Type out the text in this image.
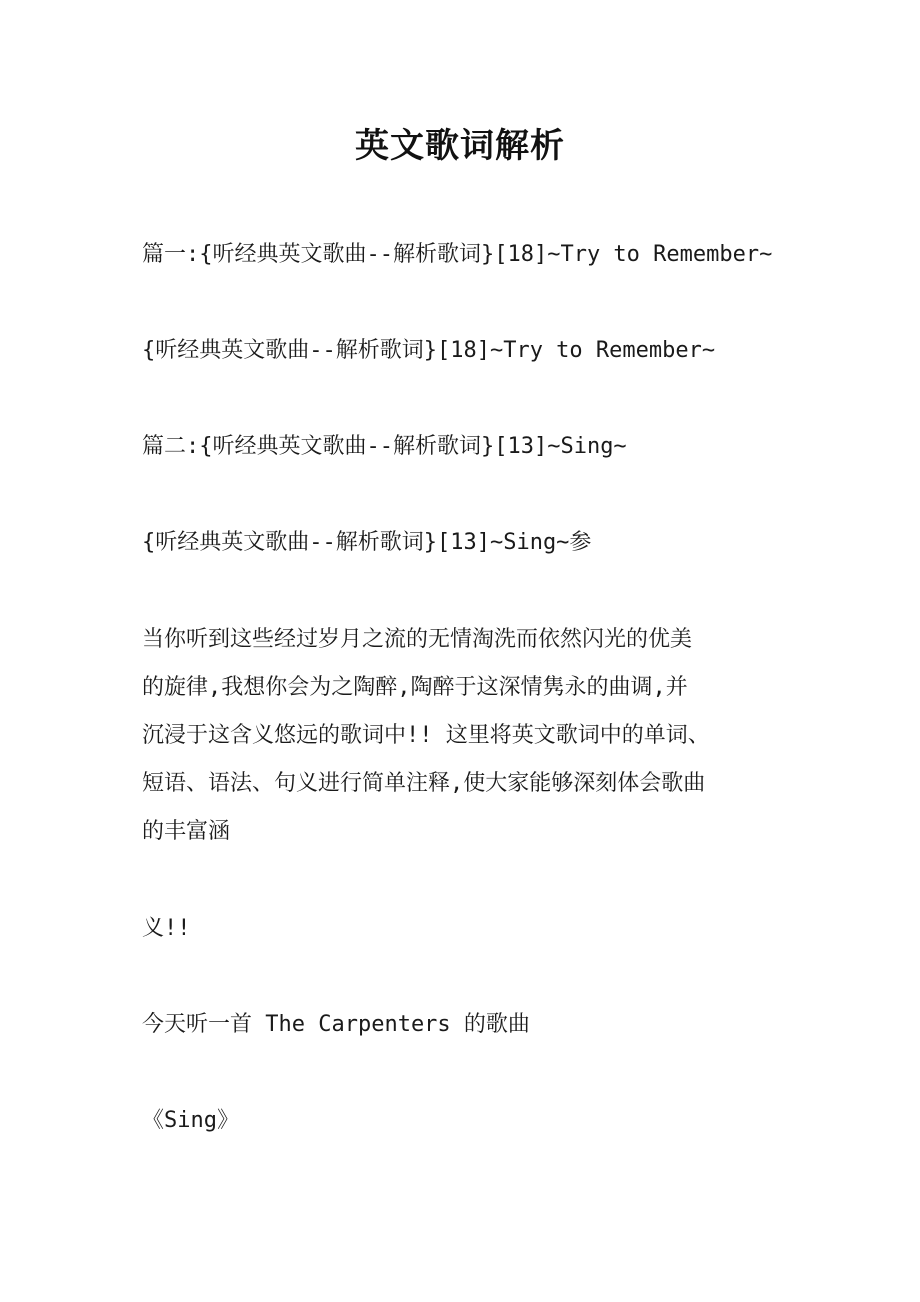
英文歌词解析
篇一:{听经典英文歌曲--解析歌词}[18]~Try to Remember~
{听经典英文歌曲--解析歌词}[18]~Try to Remember~
篇二:{听经典英文歌曲--解析歌词}[13]~Sing~
{听经典英文歌曲--解析歌词}[13]~Sing~参
当你听到这些经过岁月之流的无情淘洗而依然闪光的优美
的旋律,我想你会为之陶醉,陶醉于这深情隽永的曲调,并
沉浸于这含义悠远的歌词中!! 这里将英文歌词中的单词、
短语、语法、句义进行简单注释,使大家能够深刻体会歌曲
的丰富涵
义!!
今天听一首 The Carpenters 的歌曲
《Sing》
